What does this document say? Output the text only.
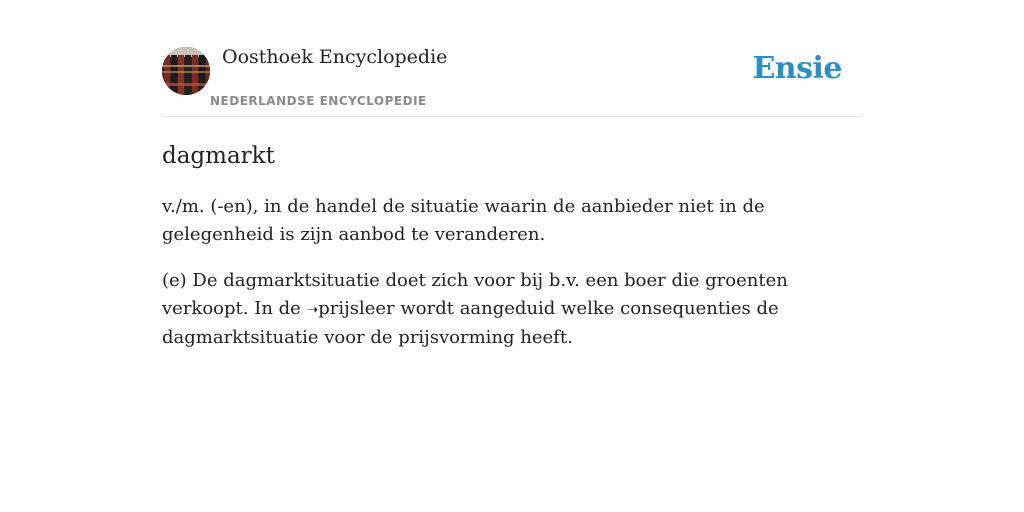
Oosthoek Encyclopedie
NEDERLANDSE ENCYCLOPEDIE
Ensie
dagmarkt

v./m. (-en), in de handel de situatie waarin de aanbieder niet in de gelegenheid is zijn aanbod te veranderen.

(e) De dagmarktsituatie doet zich voor bij b.v. een boer die groenten verkoopt. In de ➝prijsleer wordt aangeduid welke consequenties de dagmarktsituatie voor de prijsvorming heeft.
